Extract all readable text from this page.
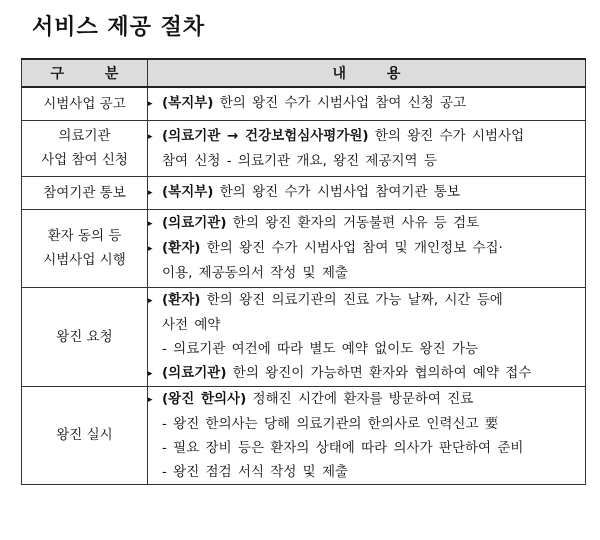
서비스 제공 절차
구 분	내 용
시범사업 공고	▸ (복지부) 한의 왕진 수가 시범사업 참여 신청 공고

의료기관
사업 참여 신청	▸ (의료기관 → 건강보험심사평가원) 한의 왕진 수가 시범사업
참여 신청 - 의료기관 개요, 왕진 제공지역 등

참여기관 통보	▸ (복지부) 한의 왕진 수가 시범사업 참여기관 통보

환자 동의 등
시범사업 시행	▸ (의료기관) 한의 왕진 환자의 거동불편 사유 등 검토
▸ (환자) 한의 왕진 수가 시범사업 참여 및 개인정보 수집·
이용, 제공동의서 작성 및 제출

왕진 요청	▸ (환자) 한의 왕진 의료기관의 진료 가능 날짜, 시간 등에
사전 예약
- 의료기관 여건에 따라 별도 예약 없이도 왕진 가능
▸ (의료기관) 한의 왕진이 가능하면 환자와 협의하여 예약 접수

왕진 실시	▸ (왕진 한의사) 정해진 시간에 환자를 방문하여 진료
- 왕진 한의사는 당해 의료기관의 한의사로 인력신고 要
- 필요 장비 등은 환자의 상태에 따라 의사가 판단하여 준비
- 왕진 점검 서식 작성 및 제출
